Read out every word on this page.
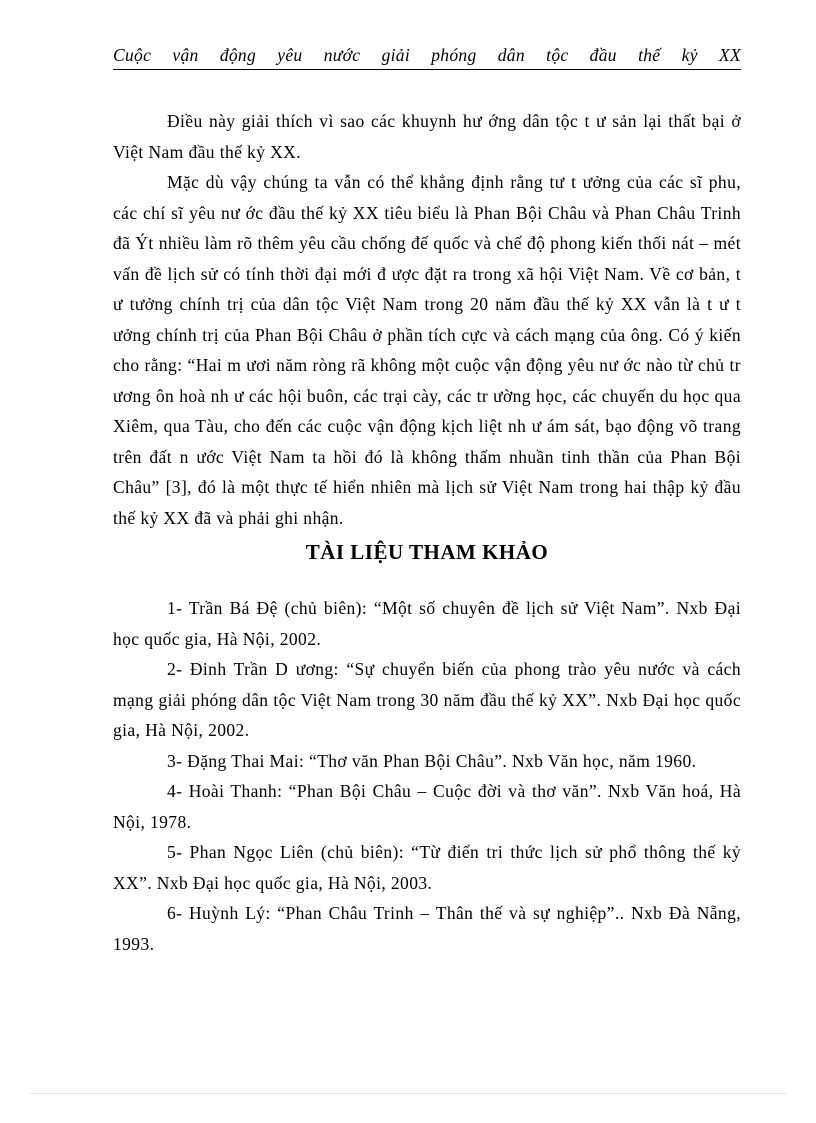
Cuộc vận động yêu nước giải phóng dân tộc đầu thế kỷ XX

Điều này giải thích vì sao các khuynh hư ớng dân tộc t ư sản lại thất bại ở Việt Nam đầu thế kỷ XX.

Mặc dù vậy chúng ta vẫn có thể khẳng định rằng tư t ưởng của các sĩ phu, các chí sĩ yêu nư ớc đầu thế kỷ XX tiêu biểu là Phan Bội Châu và Phan Châu Trinh đã Ýt nhiều làm rõ thêm yêu cầu chống đế quốc và chế độ phong kiến thối nát – mét vấn đề lịch sử có tính thời đại mới đ ược đặt ra trong xã hội Việt Nam. Về cơ bản, t ư tưởng chính trị của dân tộc Việt Nam trong 20 năm đầu thế kỷ XX vẫn là t ư t ưởng chính trị của Phan Bội Châu ở phần tích cực và cách mạng của ông. Có ý kiến cho rằng: “Hai m ươi năm ròng rã không một cuộc vận động yêu nư ớc nào từ chủ tr ương ôn hoà nh ư các hội buôn, các trại cày, các tr ường học, các chuyến du học qua Xiêm, qua Tàu, cho đến các cuộc vận động kịch liệt nh ư ám sát, bạo động võ trang trên đất n ước Việt Nam ta hồi đó là không thấm nhuần tinh thần của Phan Bội Châu” [3], đó là một thực tế hiển nhiên mà lịch sử Việt Nam trong hai thập kỷ đầu thế kỷ XX đã và phải ghi nhận.

TÀI LIỆU THAM KHẢO

1- Trần Bá Đệ (chủ biên): “Một số chuyên đề lịch sử Việt Nam”. Nxb Đại học quốc gia, Hà Nội, 2002.

2- Đinh Trần D ương: “Sự chuyển biến của phong trào yêu nước và cách mạng giải phóng dân tộc Việt Nam trong 30 năm đầu thế kỷ XX”. Nxb Đại học quốc gia, Hà Nội, 2002.

3- Đặng Thai Mai: “Thơ văn Phan Bội Châu”. Nxb Văn học, năm 1960.

4- Hoài Thanh: “Phan Bội Châu – Cuộc đời và thơ văn”. Nxb Văn hoá, Hà Nội, 1978.

5- Phan Ngọc Liên (chủ biên): “Từ điển tri thức lịch sử phổ thông thế kỷ XX”. Nxb Đại học quốc gia, Hà Nội, 2003.

6- Huỳnh Lý: “Phan Châu Trinh – Thân thế và sự nghiệp”.. Nxb Đà Nẵng, 1993.
